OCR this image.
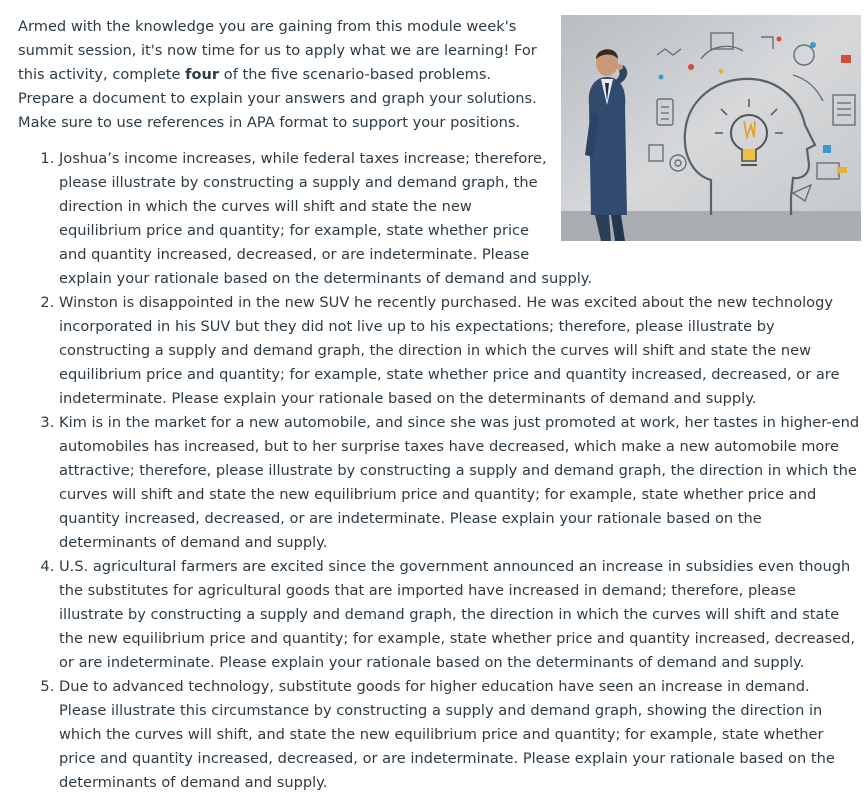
Armed with the knowledge you are gaining from this module week's summit session, it's now time for us to apply what we are learning! For this activity, complete four of the five scenario-based problems. Prepare a document to explain your answers and graph your solutions. Make sure to use references in APA format to support your positions.

1. Joshua’s income increases, while federal taxes increase; therefore, please illustrate by constructing a supply and demand graph, the direction in which the curves will shift and state the new equilibrium price and quantity; for example, state whether price and quantity increased, decreased, or are indeterminate. Please explain your rationale based on the determinants of demand and supply.
2. Winston is disappointed in the new SUV he recently purchased. He was excited about the new technology incorporated in his SUV but they did not live up to his expectations; therefore, please illustrate by constructing a supply and demand graph, the direction in which the curves will shift and state the new equilibrium price and quantity; for example, state whether price and quantity increased, decreased, or are indeterminate. Please explain your rationale based on the determinants of demand and supply.
3. Kim is in the market for a new automobile, and since she was just promoted at work, her tastes in higher-end automobiles has increased, but to her surprise taxes have decreased, which make a new automobile more attractive; therefore, please illustrate by constructing a supply and demand graph, the direction in which the curves will shift and state the new equilibrium price and quantity; for example, state whether price and quantity increased, decreased, or are indeterminate. Please explain your rationale based on the determinants of demand and supply.
4. U.S. agricultural farmers are excited since the government announced an increase in subsidies even though the substitutes for agricultural goods that are imported have increased in demand; therefore, please illustrate by constructing a supply and demand graph, the direction in which the curves will shift and state the new equilibrium price and quantity; for example, state whether price and quantity increased, decreased, or are indeterminate. Please explain your rationale based on the determinants of demand and supply.
5. Due to advanced technology, substitute goods for higher education have seen an increase in demand. Please illustrate this circumstance by constructing a supply and demand graph, showing the direction in which the curves will shift, and state the new equilibrium price and quantity; for example, state whether price and quantity increased, decreased, or are indeterminate. Please explain your rationale based on the determinants of demand and supply.
